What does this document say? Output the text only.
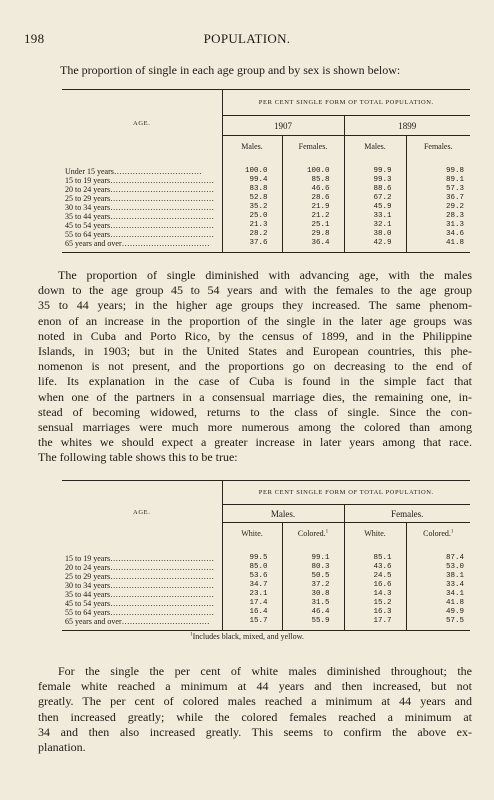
198	POPULATION.
The proportion of single in each age group and by sex is shown below:
AGE.	PER CENT SINGLE FORM OF TOTAL POPULATION.			
	1907		1899	
	Males.	Females.	Males.	Females.
Under 15 years……………………………	100.0	100.0	99.9	99.8
15 to 19 years…………………………………	99.4	85.8	99.3	89.1
20 to 24 years…………………………………	83.8	46.6	88.6	57.3
25 to 29 years…………………………………	52.8	28.6	67.2	36.7
30 to 34 years…………………………………	35.2	21.9	45.9	29.2
35 to 44 years…………………………………	25.0	21.2	33.1	28.3
45 to 54 years…………………………………	21.3	25.1	32.1	31.3
55 to 64 years…………………………………	28.2	29.8	38.0	34.6
65 years and over……………………………	37.6	36.4	42.9	41.8
The proportion of single diminished with advancing age, with the males
down to the age group 45 to 54 years and with the females to the age group
35 to 44 years; in the higher age groups they increased. The same phenom-
enon of an increase in the proportion of the single in the later age groups was
noted in Cuba and Porto Rico, by the census of 1899, and in the Philippine
Islands, in 1903; but in the United States and European countries, this phe-
nomenon is not present, and the proportions go on decreasing to the end of
life. Its explanation in the case of Cuba is found in the simple fact that
when one of the partners in a consensual marriage dies, the remaining one, in-
stead of becoming widowed, returns to the class of single. Since the con-
sensual marriages were much more numerous among the colored than among
the whites we should expect a greater increase in later years among that race.
The following table shows this to be true:
AGE.	PER CENT SINGLE FORM OF TOTAL POPULATION.			
	Males.		Females.	
	White.	Colored.$^1$	White.	Colored.$^1$
15 to 19 years…………………………………	99.5	99.1	85.1	87.4
20 to 24 years…………………………………	85.0	80.3	43.6	53.0
25 to 29 years…………………………………	53.6	50.5	24.5	38.1
30 to 34 years…………………………………	34.7	37.2	16.6	33.4
35 to 44 years…………………………………	23.1	30.8	14.3	34.1
45 to 54 years…………………………………	17.4	31.5	15.2	41.8
55 to 64 years…………………………………	16.4	46.4	16.3	49.9
65 years and over……………………………	15.7	55.9	17.7	57.5
$^1$Includes black, mixed, and yellow.
For the single the per cent of white males diminished throughout; the
female white reached a minimum at 44 years and then increased, but not
greatly. The per cent of colored males reached a minimum at 44 years and
then increased greatly; while the colored females reached a minimum at
34 and then also increased greatly. This seems to confirm the above ex-
planation.
